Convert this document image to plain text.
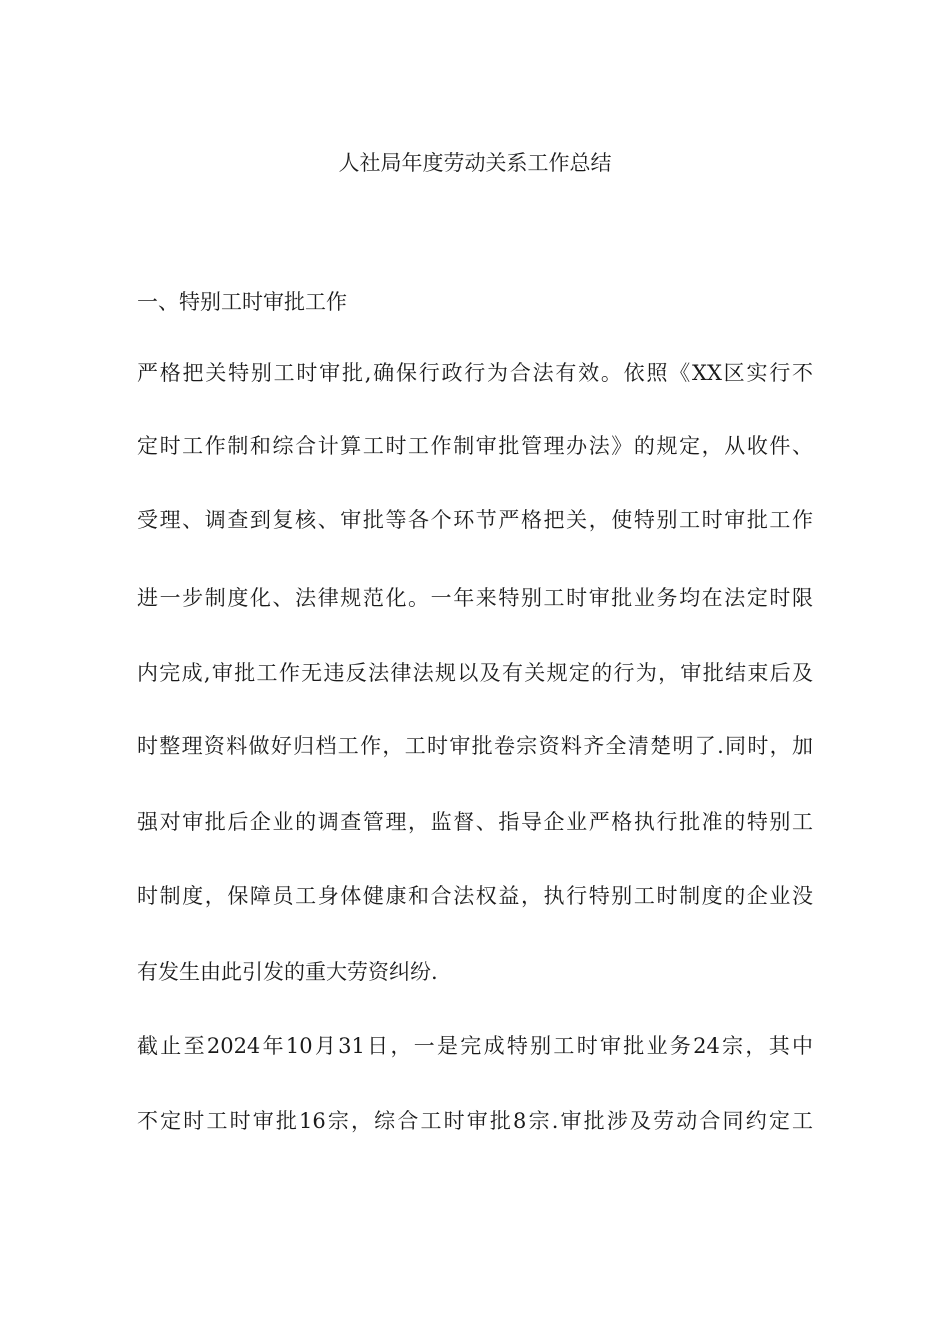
人社局年度劳动关系工作总结
一、特别工时审批工作
严格把关特别工时审批,确保行政行为合法有效。依照《XX区实行不
定时工作制和综合计算工时工作制审批管理办法》的规定，从收件、
受理、调查到复核、审批等各个环节严格把关，使特别工时审批工作
进一步制度化、法律规范化。一年来特别工时审批业务均在法定时限
内完成,审批工作无违反法律法规以及有关规定的行为，审批结束后及
时整理资料做好归档工作，工时审批卷宗资料齐全清楚明了.同时，加
强对审批后企业的调查管理，监督、指导企业严格执行批准的特别工
时制度，保障员工身体健康和合法权益，执行特别工时制度的企业没
有发生由此引发的重大劳资纠纷.
截止至2024年10月31日，一是完成特别工时审批业务24宗，其中
不定时工时审批16宗，综合工时审批8宗.审批涉及劳动合同约定工
